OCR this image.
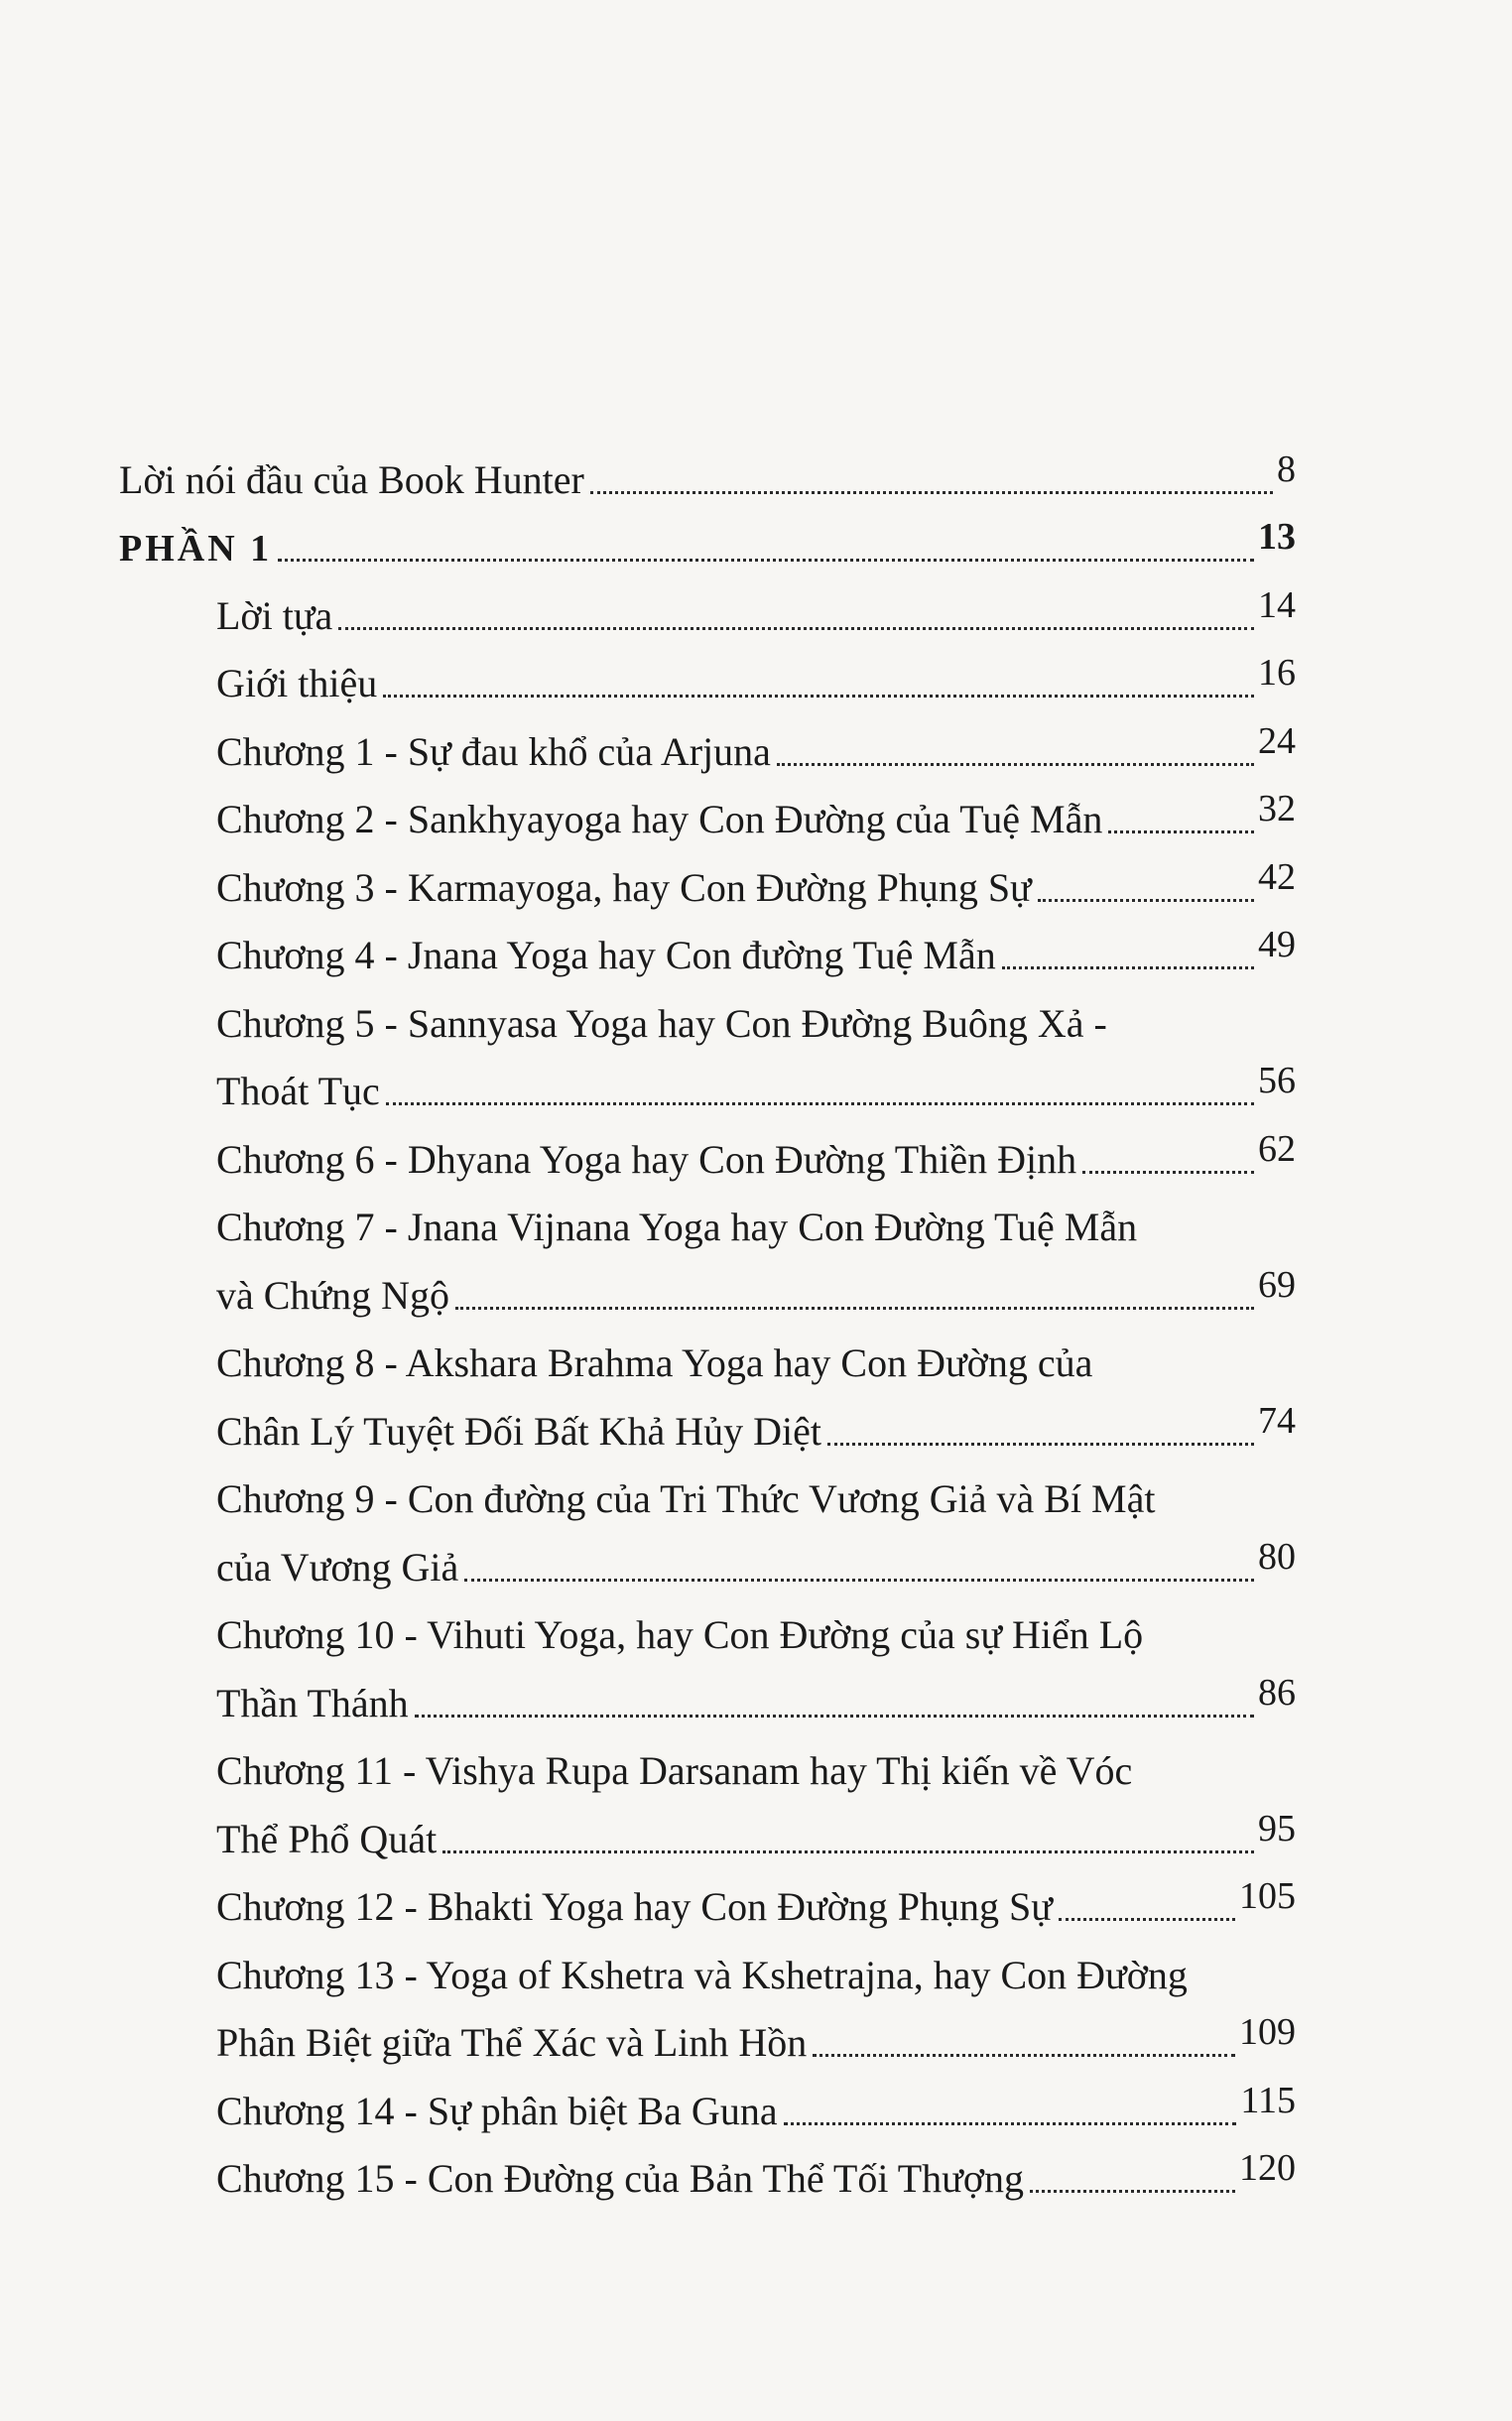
Lời nói đầu của Book Hunter	8
PHẦN 1	13
Lời tựa	14
Giới thiệu	16
Chương 1 - Sự đau khổ của Arjuna	24
Chương 2 - Sankhyayoga hay Con Đường của Tuệ Mẫn	32
Chương 3 - Karmayoga, hay Con Đường Phụng Sự	42
Chương 4 - Jnana Yoga hay Con đường Tuệ Mẫn	49
Chương 5 - Sannyasa Yoga hay Con Đường Buông Xả -
Thoát Tục	56
Chương 6 - Dhyana Yoga hay Con Đường Thiền Định	62
Chương 7 - Jnana Vijnana Yoga hay Con Đường Tuệ Mẫn
và Chứng Ngộ	69
Chương 8 - Akshara Brahma Yoga hay Con Đường của
Chân Lý Tuyệt Đối Bất Khả Hủy Diệt	74
Chương 9 - Con đường của Tri Thức Vương Giả và Bí Mật
của Vương Giả	80
Chương 10 - Vihuti Yoga, hay Con Đường của sự Hiển Lộ
Thần Thánh	86
Chương 11 - Vishya Rupa Darsanam hay Thị kiến về Vóc
Thể Phổ Quát	95
Chương 12 - Bhakti Yoga hay Con Đường Phụng Sự	105
Chương 13 - Yoga of Kshetra và Kshetrajna, hay Con Đường
Phân Biệt giữa Thể Xác và Linh Hồn	109
Chương 14 - Sự phân biệt Ba Guna	115
Chương 15 - Con Đường của Bản Thể Tối Thượng	120
